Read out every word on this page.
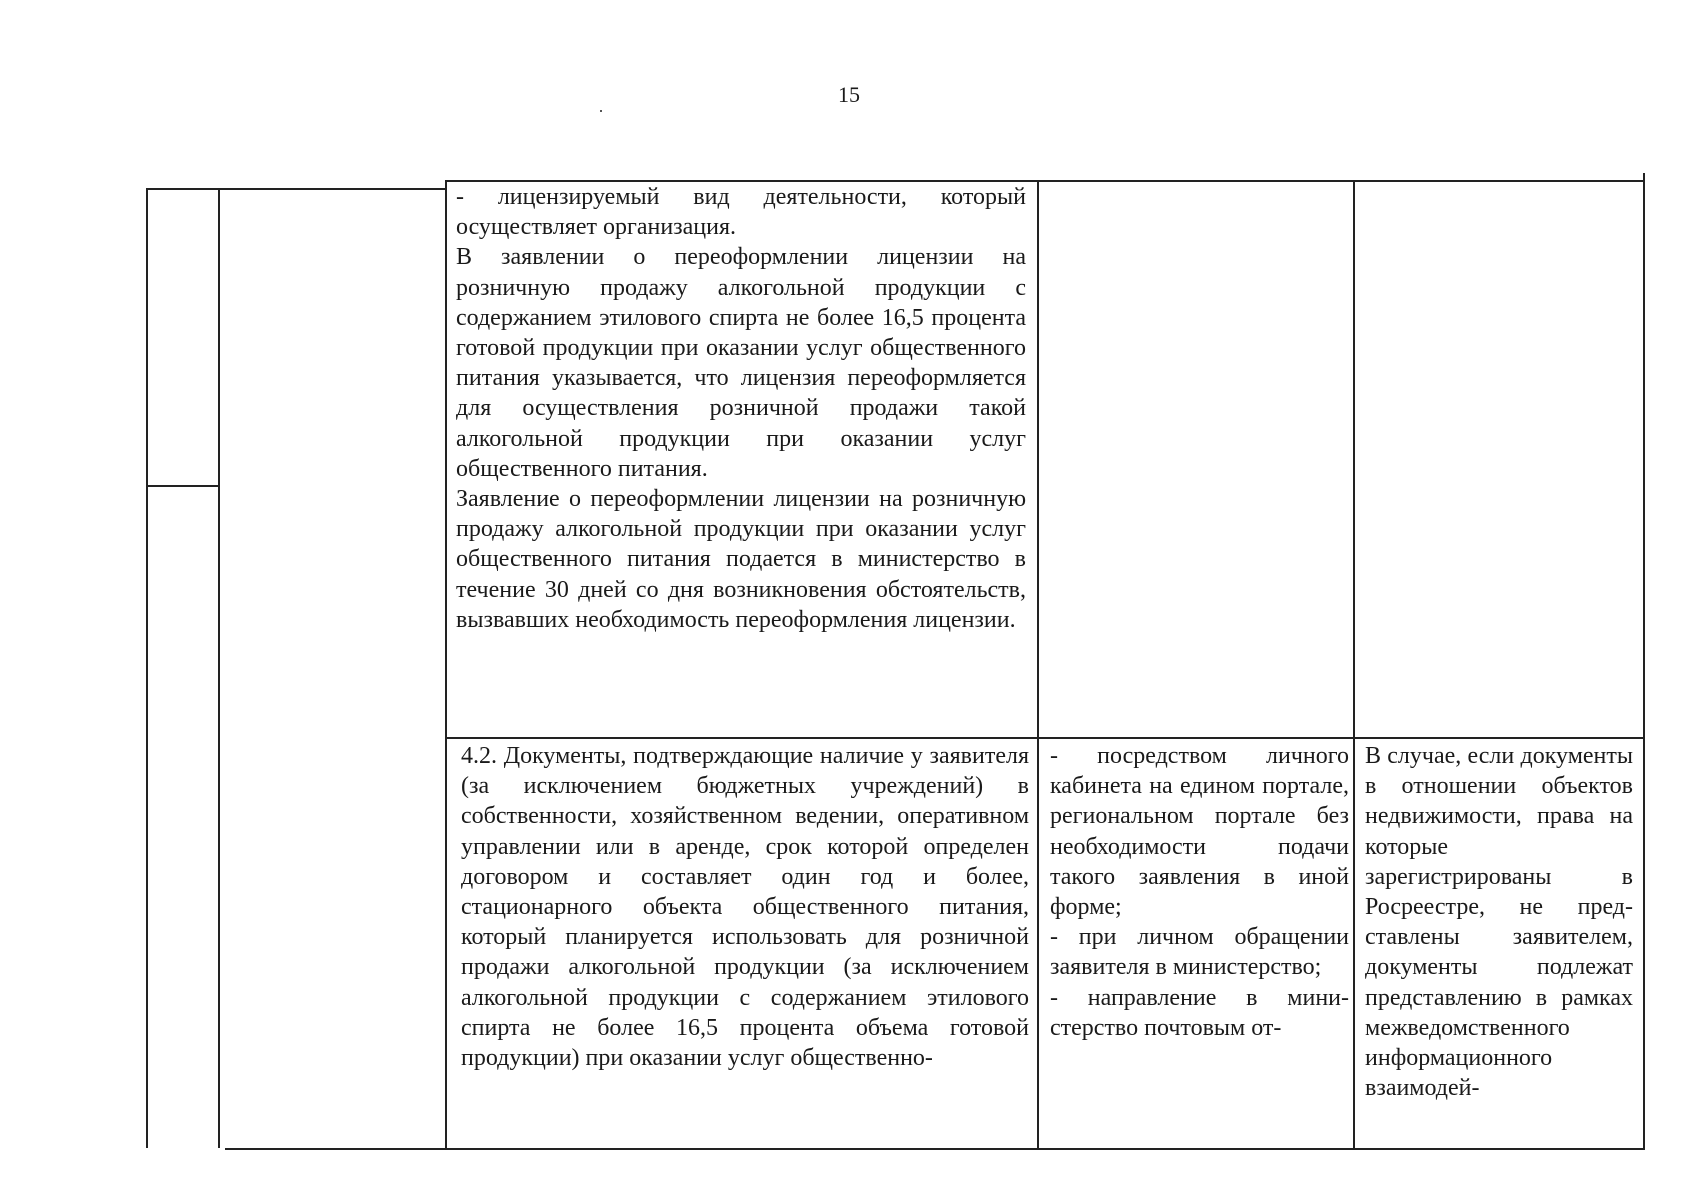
15

- лицензируемый вид деятельности, который осуществляет организация.

В заявлении о переоформлении лицензии на розничную продажу алкогольной продукции с содержанием этилового спирта не более 16,5 процента готовой продукции при оказании услуг общественного питания указывается, что лицензия переоформляется для осуществления розничной продажи такой алкогольной продукции при оказании услуг общественного питания.

Заявление о переоформлении лицензии на розничную продажу алкогольной продукции при оказании услуг общественного питания подается в министерство в течение 30 дней со дня возникновения обстоятельств, вызвавших необходимость переоформления лицензии.

4.2. Документы, подтверждающие наличие у заявителя (за исключением бюджетных учреждений) в собственности, хозяйственном ведении, оперативном управлении или в аренде, срок которой определен договором и составляет один год и более, стационарного объекта общественного питания, который планируется использовать для розничной продажи алкогольной продукции (за исключением алкогольной продукции с содержанием этилового спирта не более 16,5 процента объема готовой продукции) при оказании услуг общественно-

- посредством личного кабинета на едином портале, региональном портале без необходимости подачи такого заявления в иной форме;

- при личном обращении заявителя в министерство;

- направление в министерство почтовым от-

В случае, если документы в отношении объектов недвижимости, права на которые зарегистрированы в Росреестре, не представлены заявителем, документы подлежат представлению в рамках межведомственного информационного взаимодей-
